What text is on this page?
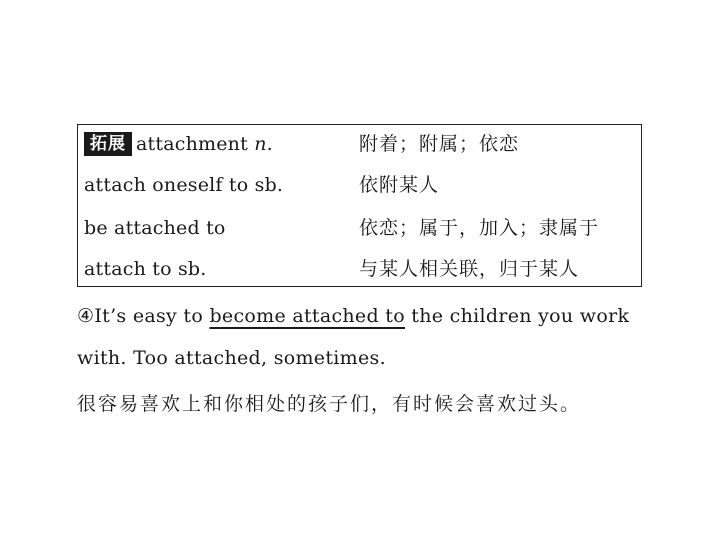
拓展 attachment n.	附着；附属；依恋
attach oneself to sb.	依附某人
be attached to	依恋；属于，加入；隶属于
attach to sb.	与某人相关联，归于某人
④It’s easy to become attached to the children you work
with. Too attached, sometimes.
很容易喜欢上和你相处的孩子们，有时候会喜欢过头。
